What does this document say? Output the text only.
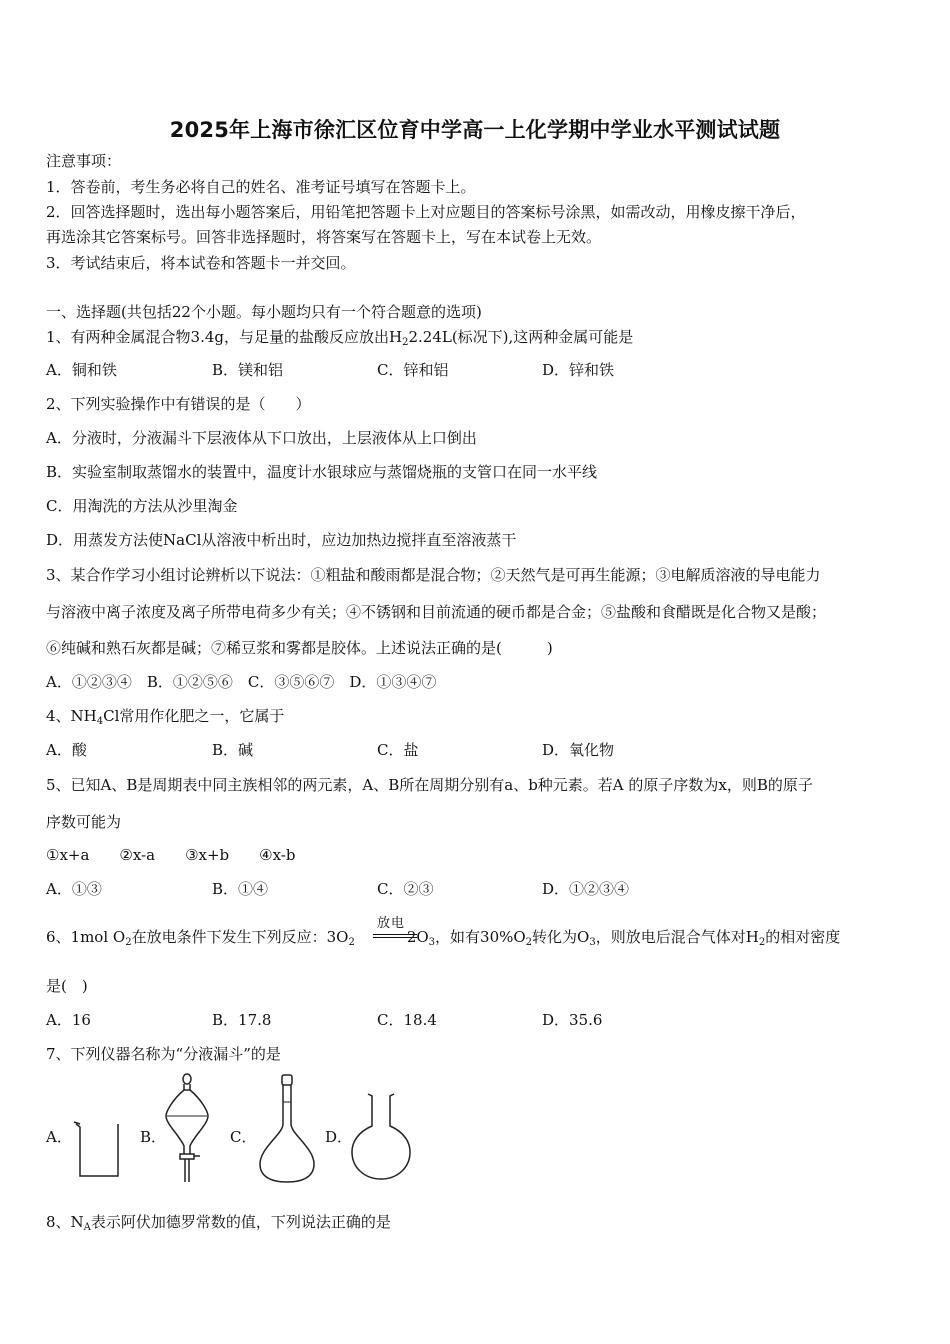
2025年上海市徐汇区位育中学高一上化学期中学业水平测试试题
注意事项：
1．答卷前，考生务必将自己的姓名、准考证号填写在答题卡上。
2．回答选择题时，选出每小题答案后，用铅笔把答题卡上对应题目的答案标号涂黑，如需改动，用橡皮擦干净后，
再选涂其它答案标号。回答非选择题时，将答案写在答题卡上，写在本试卷上无效。
3．考试结束后，将本试卷和答题卡一并交回。
一、选择题(共包括22个小题。每小题均只有一个符合题意的选项)
1、有两种金属混合物3.4g，与足量的盐酸反应放出$H_22.24L$(标况下),这两种金属可能是
A．铜和铁	B．镁和铝	C．锌和铝	D．锌和铁
2、下列实验操作中有错误的是（　　）
A．分液时，分液漏斗下层液体从下口放出，上层液体从上口倒出
B．实验室制取蒸馏水的装置中，温度计水银球应与蒸馏烧瓶的支管口在同一水平线
C．用淘洗的方法从沙里淘金
D．用蒸发方法使NaCl从溶液中析出时，应边加热边搅拌直至溶液蒸干
3、某合作学习小组讨论辨析以下说法：①粗盐和酸雨都是混合物；②天然气是可再生能源；③电解质溶液的导电能力
与溶液中离子浓度及离子所带电荷多少有关；④不锈钢和目前流通的硬币都是合金；⑤盐酸和食醋既是化合物又是酸；
⑥纯碱和熟石灰都是碱；⑦稀豆浆和雾都是胶体。上述说法正确的是(　　　)
A．①②③④　B．①②⑤⑥　C．③⑤⑥⑦　D．①③④⑦
4、$NH_4Cl$常用作化肥之一，它属于
A．酸	B．碱	C．盐	D．氧化物
5、已知A、B是周期表中同主族相邻的两元素，A、B所在周期分别有a、b种元素。若A 的原子序数为x，则B的原子
序数可能为
①x+a　　②x-a　　③x+b　　④x-b
A．①③	B．①④	C．②③	D．①②③④
6、1mol $O_2$在放电条件下发生下列反应：$3O_2$	$2O_3$，如有$30\%O_2$转化为$O_3$，则放电后混合气体对$H_2$的相对密度
放电
是(　)
A．16	B．17.8	C．18.4	D．35.6
7、下列仪器名称为“分液漏斗”的是
A．	B．	C．	D．
8、$N_A$表示阿伏加德罗常数的值，下列说法正确的是
